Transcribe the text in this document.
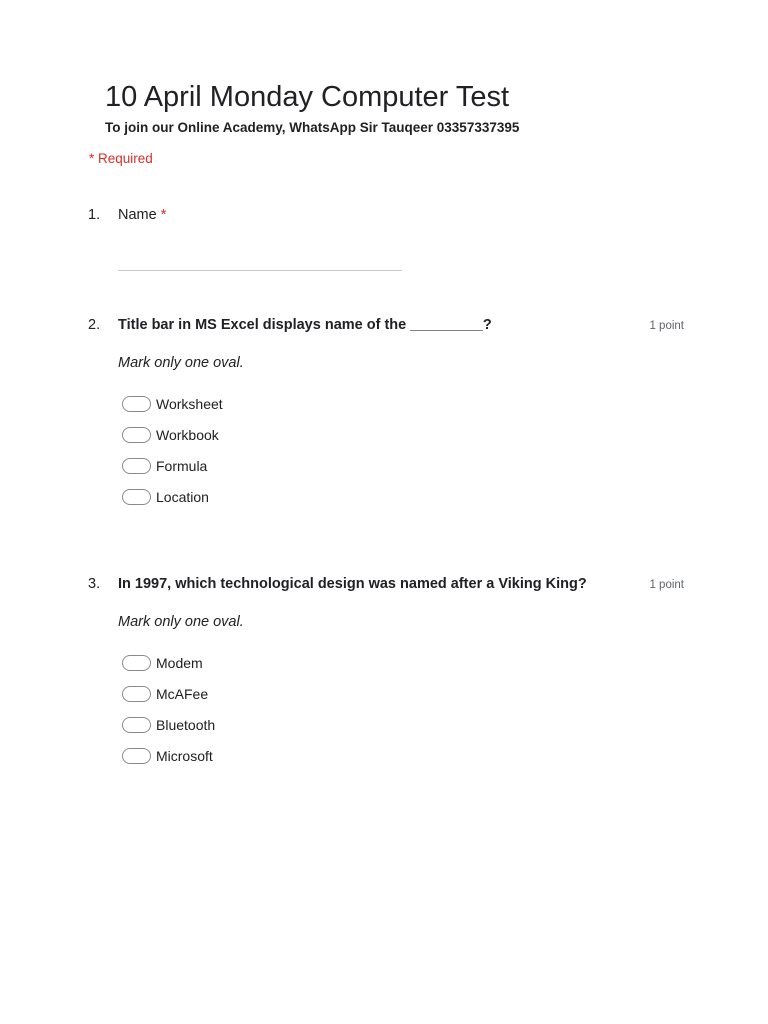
10 April Monday Computer Test
To join our Online Academy, WhatsApp Sir Tauqeer 03357337395
* Required
1. Name *
2. Title bar in MS Excel displays name of the _________?	1 point
Mark only one oval.
Worksheet
Workbook
Formula
Location
3. In 1997, which technological design was named after a Viking King?	1 point
Mark only one oval.
Modem
McAFee
Bluetooth
Microsoft
